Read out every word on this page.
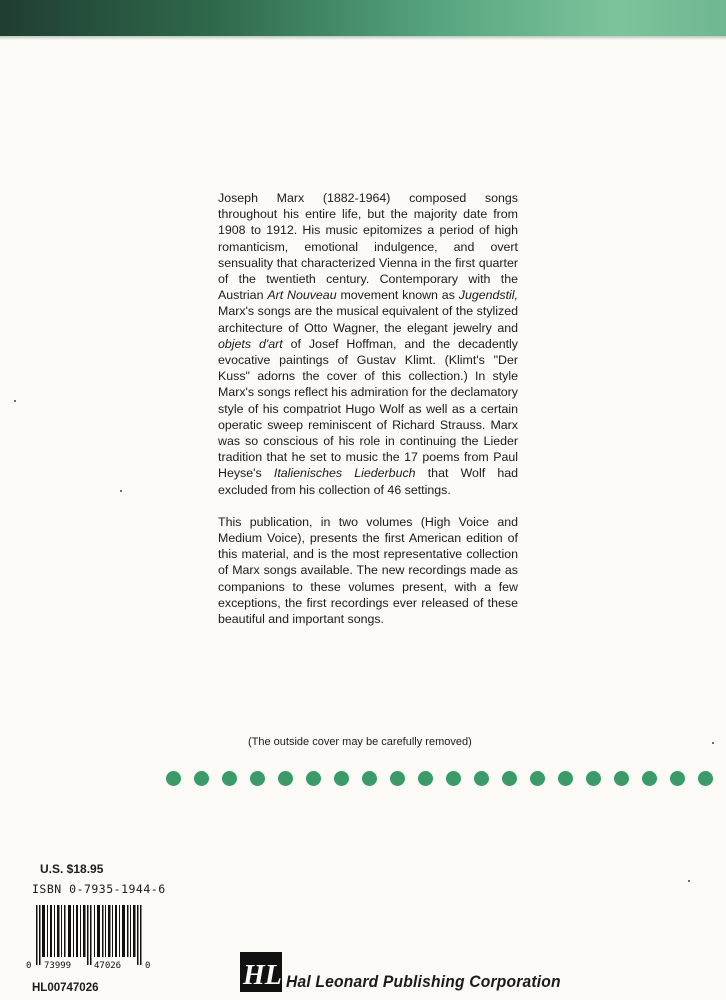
Joseph Marx (1882-1964) composed songs throughout his entire life, but the majority date from 1908 to 1912. His music epitomizes a period of high romanticism, emotional indulgence, and overt sensuality that characterized Vienna in the first quarter of the twentieth century. Contemporary with the Austrian Art Nouveau movement known as Jugendstil, Marx's songs are the musical equivalent of the stylized architecture of Otto Wagner, the elegant jewelry and objets d'art of Josef Hoffman, and the decadently evocative paintings of Gustav Klimt. (Klimt's "Der Kuss" adorns the cover of this collection.) In style Marx's songs reflect his admiration for the declamatory style of his compatriot Hugo Wolf as well as a certain operatic sweep reminiscent of Richard Strauss. Marx was so conscious of his role in continuing the Lieder tradition that he set to music the 17 poems from Paul Heyse's Italienisches Liederbuch that Wolf had excluded from his collection of 46 settings.

This publication, in two volumes (High Voice and Medium Voice), presents the first American edition of this material, and is the most representative collection of Marx songs available. The new recordings made as companions to these volumes present, with a few exceptions, the first recordings ever released of these beautiful and important songs.

(The outside cover may be carefully removed)
U.S. $18.95
ISBN 0-7935-1944-6
0 73999	47026	0
HL00747026	HL Hal Leonard Publishing Corporation
